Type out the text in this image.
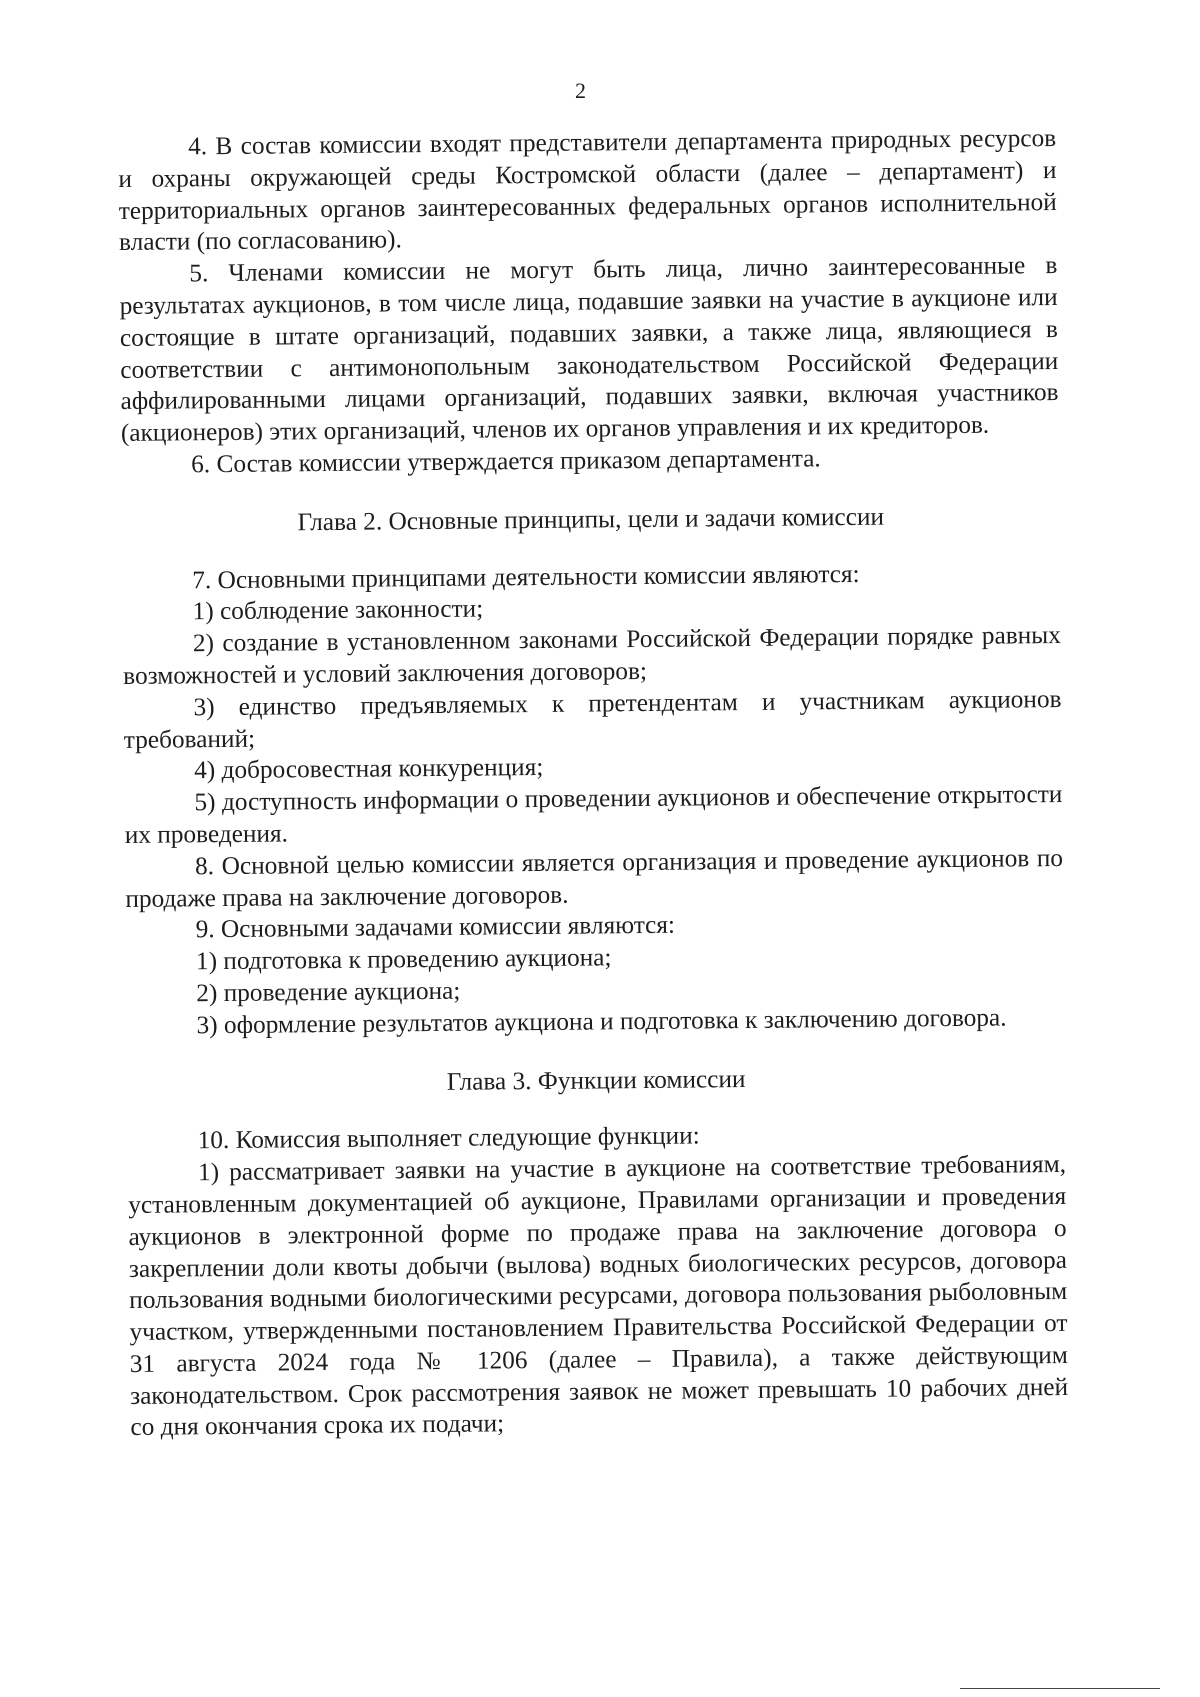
2

4. В состав комиссии входят представители департамента природных ресурсов и охраны окружающей среды Костромской области (далее – департамент) и территориальных органов заинтересованных федеральных органов исполнительной власти (по согласованию).

5. Членами комиссии не могут быть лица, лично заинтересованные в результатах аукционов, в том числе лица, подавшие заявки на участие в аукционе или состоящие в штате организаций, подавших заявки, а также лица, являющиеся в соответствии с антимонопольным законодательством Российской Федерации аффилированными лицами организаций, подавших заявки, включая участников (акционеров) этих организаций, членов их органов управления и их кредиторов.

6. Состав комиссии утверждается приказом департамента.

Глава 2. Основные принципы, цели и задачи комиссии

7. Основными принципами деятельности комиссии являются:

1) соблюдение законности;

2) создание в установленном законами Российской Федерации порядке равных возможностей и условий заключения договоров;

3) единство предъявляемых к претендентам и участникам аукционов требований;

4) добросовестная конкуренция;

5) доступность информации о проведении аукционов и обеспечение открытости их проведения.

8. Основной целью комиссии является организация и проведение аукционов по продаже права на заключение договоров.

9. Основными задачами комиссии являются:

1) подготовка к проведению аукциона;

2) проведение аукциона;

3) оформление результатов аукциона и подготовка к заключению договора.

Глава 3. Функции комиссии

10. Комиссия выполняет следующие функции:

1) рассматривает заявки на участие в аукционе на соответствие требованиям, установленным документацией об аукционе, Правилами организации и проведения аукционов в электронной форме по продаже права на заключение договора о закреплении доли квоты добычи (вылова) водных биологических ресурсов, договора пользования водными биологическими ресурсами, договора пользования рыболовным участком, утвержденными постановлением Правительства Российской Федерации от 31 августа 2024 года № 1206 (далее – Правила), а также действующим законодательством. Срок рассмотрения заявок не может превышать 10 рабочих дней со дня окончания срока их подачи;
